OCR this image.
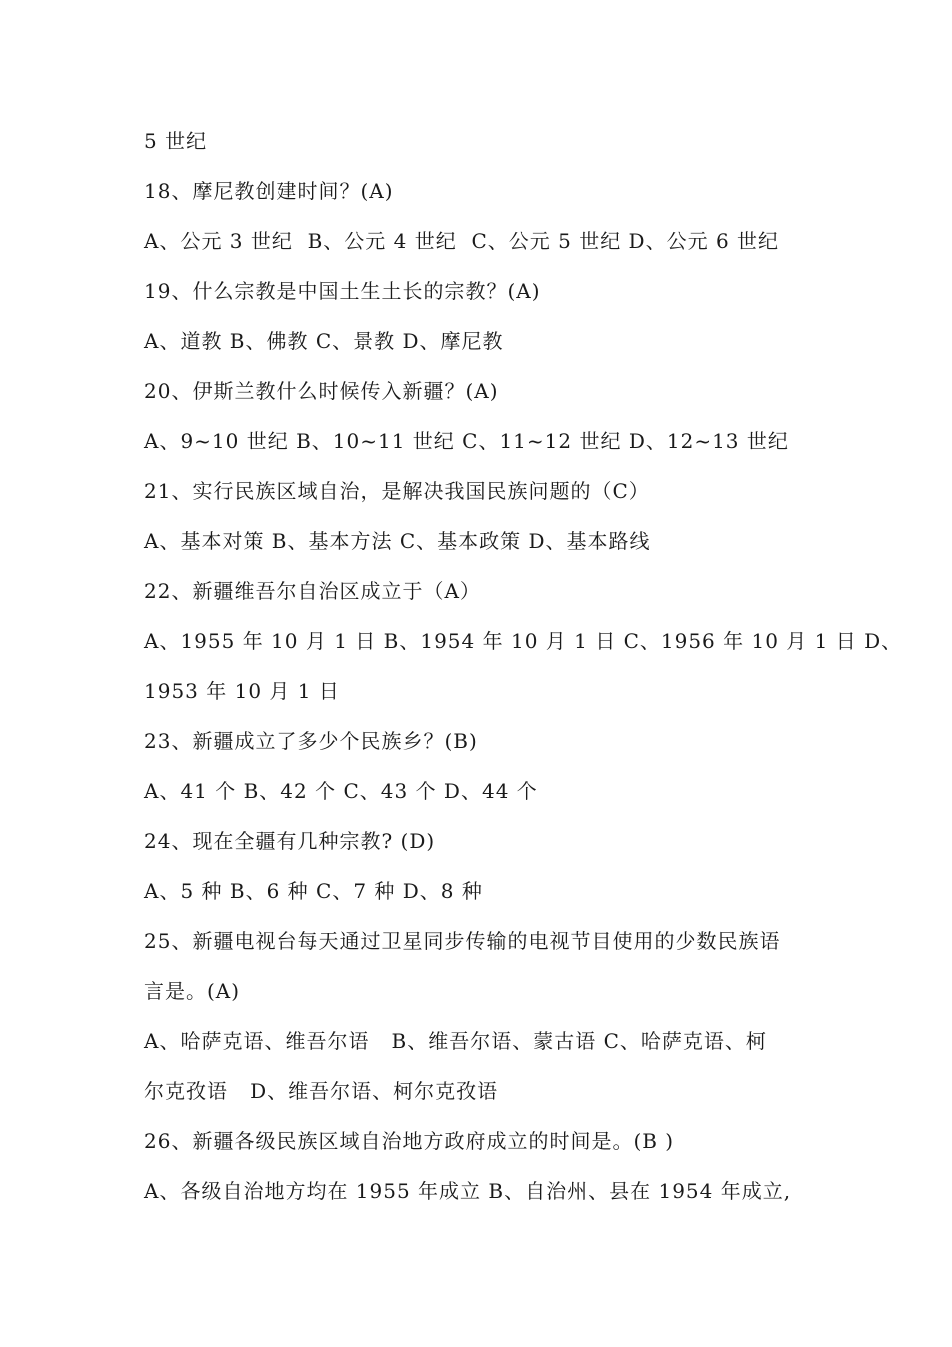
5 世纪
18、摩尼教创建时间？(A)
A、公元 3 世纪  B、公元 4 世纪  C、公元 5 世纪 D、公元 6 世纪
19、什么宗教是中国土生土长的宗教？(A)
A、道教 B、佛教 C、景教 D、摩尼教
20、伊斯兰教什么时候传入新疆？(A)
A、9~10 世纪 B、10~11 世纪 C、11~12 世纪 D、12~13 世纪
21、实行民族区域自治，是解决我国民族问题的（C）
A、基本对策 B、基本方法 C、基本政策 D、基本路线
22、新疆维吾尔自治区成立于（A）
A、1955 年 10 月 1 日 B、1954 年 10 月 1 日 C、1956 年 10 月 1 日 D、
1953 年 10 月 1 日
23、新疆成立了多少个民族乡？(B)
A、41 个 B、42 个 C、43 个 D、44 个
24、现在全疆有几种宗教? (D)
A、5 种 B、6 种 C、7 种 D、8 种
25、新疆电视台每天通过卫星同步传输的电视节目使用的少数民族语
言是。(A)
A、哈萨克语、维吾尔语   B、维吾尔语、蒙古语 C、哈萨克语、柯
尔克孜语   D、维吾尔语、柯尔克孜语
26、新疆各级民族区域自治地方政府成立的时间是。(B )
A、各级自治地方均在 1955 年成立 B、自治州、县在 1954 年成立,
